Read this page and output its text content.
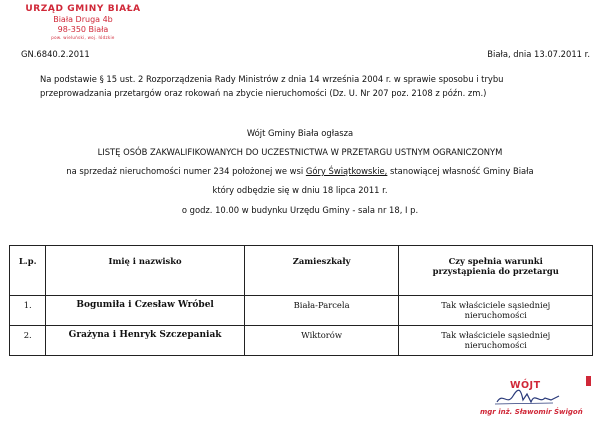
URZĄD GMINY BIAŁA
Biała Druga 4b
98-350 Biała
pow. wieluński, woj. łódzkie
GN.6840.2.2011	Biała, dnia 13.07.2011 r.
Na podstawie § 15 ust. 2 Rozporządzenia Rady Ministrów z dnia 14 września 2004 r. w sprawie sposobu i trybu
przeprowadzania przetargów oraz rokowań na zbycie nieruchomości (Dz. U. Nr 207 poz. 2108 z późn. zm.)
Wójt Gminy Biała ogłasza
LISTĘ OSÓB ZAKWALIFIKOWANYCH DO UCZESTNICTWA W PRZETARGU USTNYM OGRANICZONYM
na sprzedaż nieruchomości numer 234 położonej we wsi Góry Świątkowskie, stanowiącej własność Gminy Biała
który odbędzie się w dniu 18 lipca 2011 r.
o godz. 10.00 w budynku Urzędu Gminy - sala nr 18, I p.
L.p.	Imię i nazwisko	Zamieszkały	Czy spełnia warunki
przystąpienia do przetargu

1.	Bogumiła i Czesław Wróbel	Biała-Parcela	Tak właściciele sąsiedniej
nieruchomości

2.	Grażyna i Henryk Szczepaniak	Wiktorów	Tak właściciele sąsiedniej
nieruchomości
WÓJT
mgr inż. Sławomir Świgoń
